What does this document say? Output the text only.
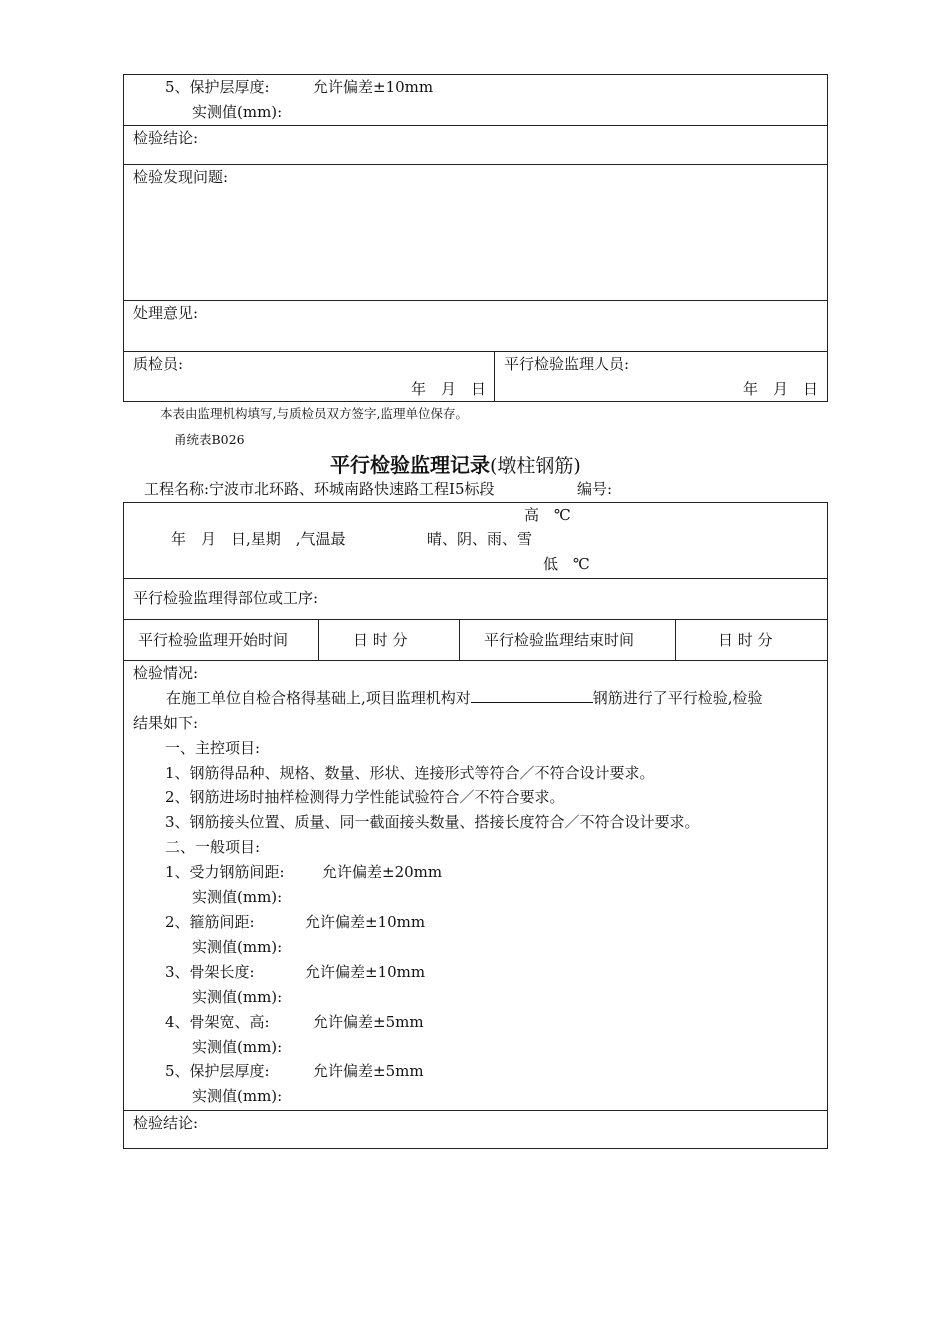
5、保护层厚度:	允许偏差±10mm
实测值(mm):
检验结论:
检验发现问题:
处理意见:
质检员:
年　月　日
平行检验监理人员:
年　月　日
本表由监理机构填写,与质检员双方签字,监理单位保存。
甬统表B026
平行检验监理记录(墩柱钢筋)
工程名称:宁波市北环路、环城南路快速路工程I5标段	编号:
高　℃
年　月　日,星期　,气温最	晴、阴、雨、雪
低　℃
平行检验监理得部位或工序:
平行检验监理开始时间	日 时 分	平行检验监理结束时间	日 时 分
检验情况:
在施工单位自检合格得基础上,项目监理机构对	钢筋进行了平行检验,检验
结果如下:
一、主控项目:
1、钢筋得品种、规格、数量、形状、连接形式等符合／不符合设计要求。
2、钢筋进场时抽样检测得力学性能试验符合／不符合要求。
3、钢筋接头位置、质量、同一截面接头数量、搭接长度符合／不符合设计要求。
二、一般项目:
1、受力钢筋间距: 允许偏差±20mm
实测值(mm):
2、箍筋间距:	允许偏差±10mm
实测值(mm):
3、骨架长度:	允许偏差±10mm
实测值(mm):
4、骨架宽、高:	允许偏差±5mm
实测值(mm):
5、保护层厚度:	允许偏差±5mm
实测值(mm):
检验结论:
